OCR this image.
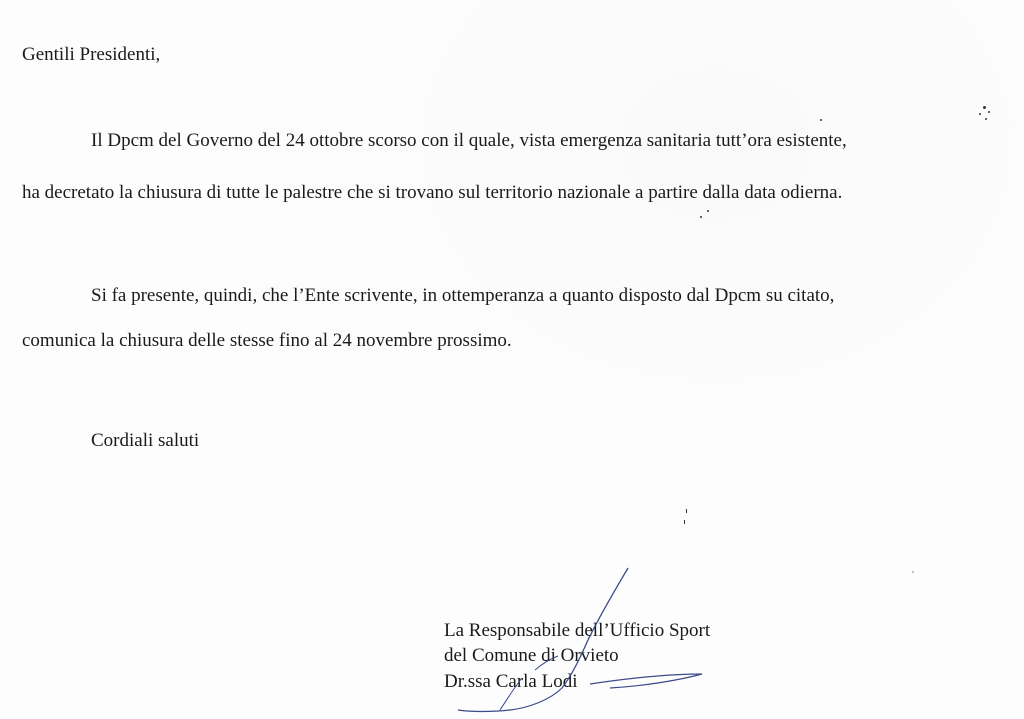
Gentili Presidenti,
Il Dpcm del Governo del 24 ottobre scorso con il quale, vista emergenza sanitaria tutt’ora esistente,
ha decretato la chiusura di tutte le palestre che si trovano sul territorio nazionale a partire dalla data odierna.
Si fa presente, quindi, che l’Ente scrivente, in ottemperanza a quanto disposto dal Dpcm su citato,
comunica la chiusura delle stesse fino al 24 novembre prossimo.
Cordiali saluti
La Responsabile dell’Ufficio Sport
del Comune di Orvieto
Dr.ssa Carla Lodi
